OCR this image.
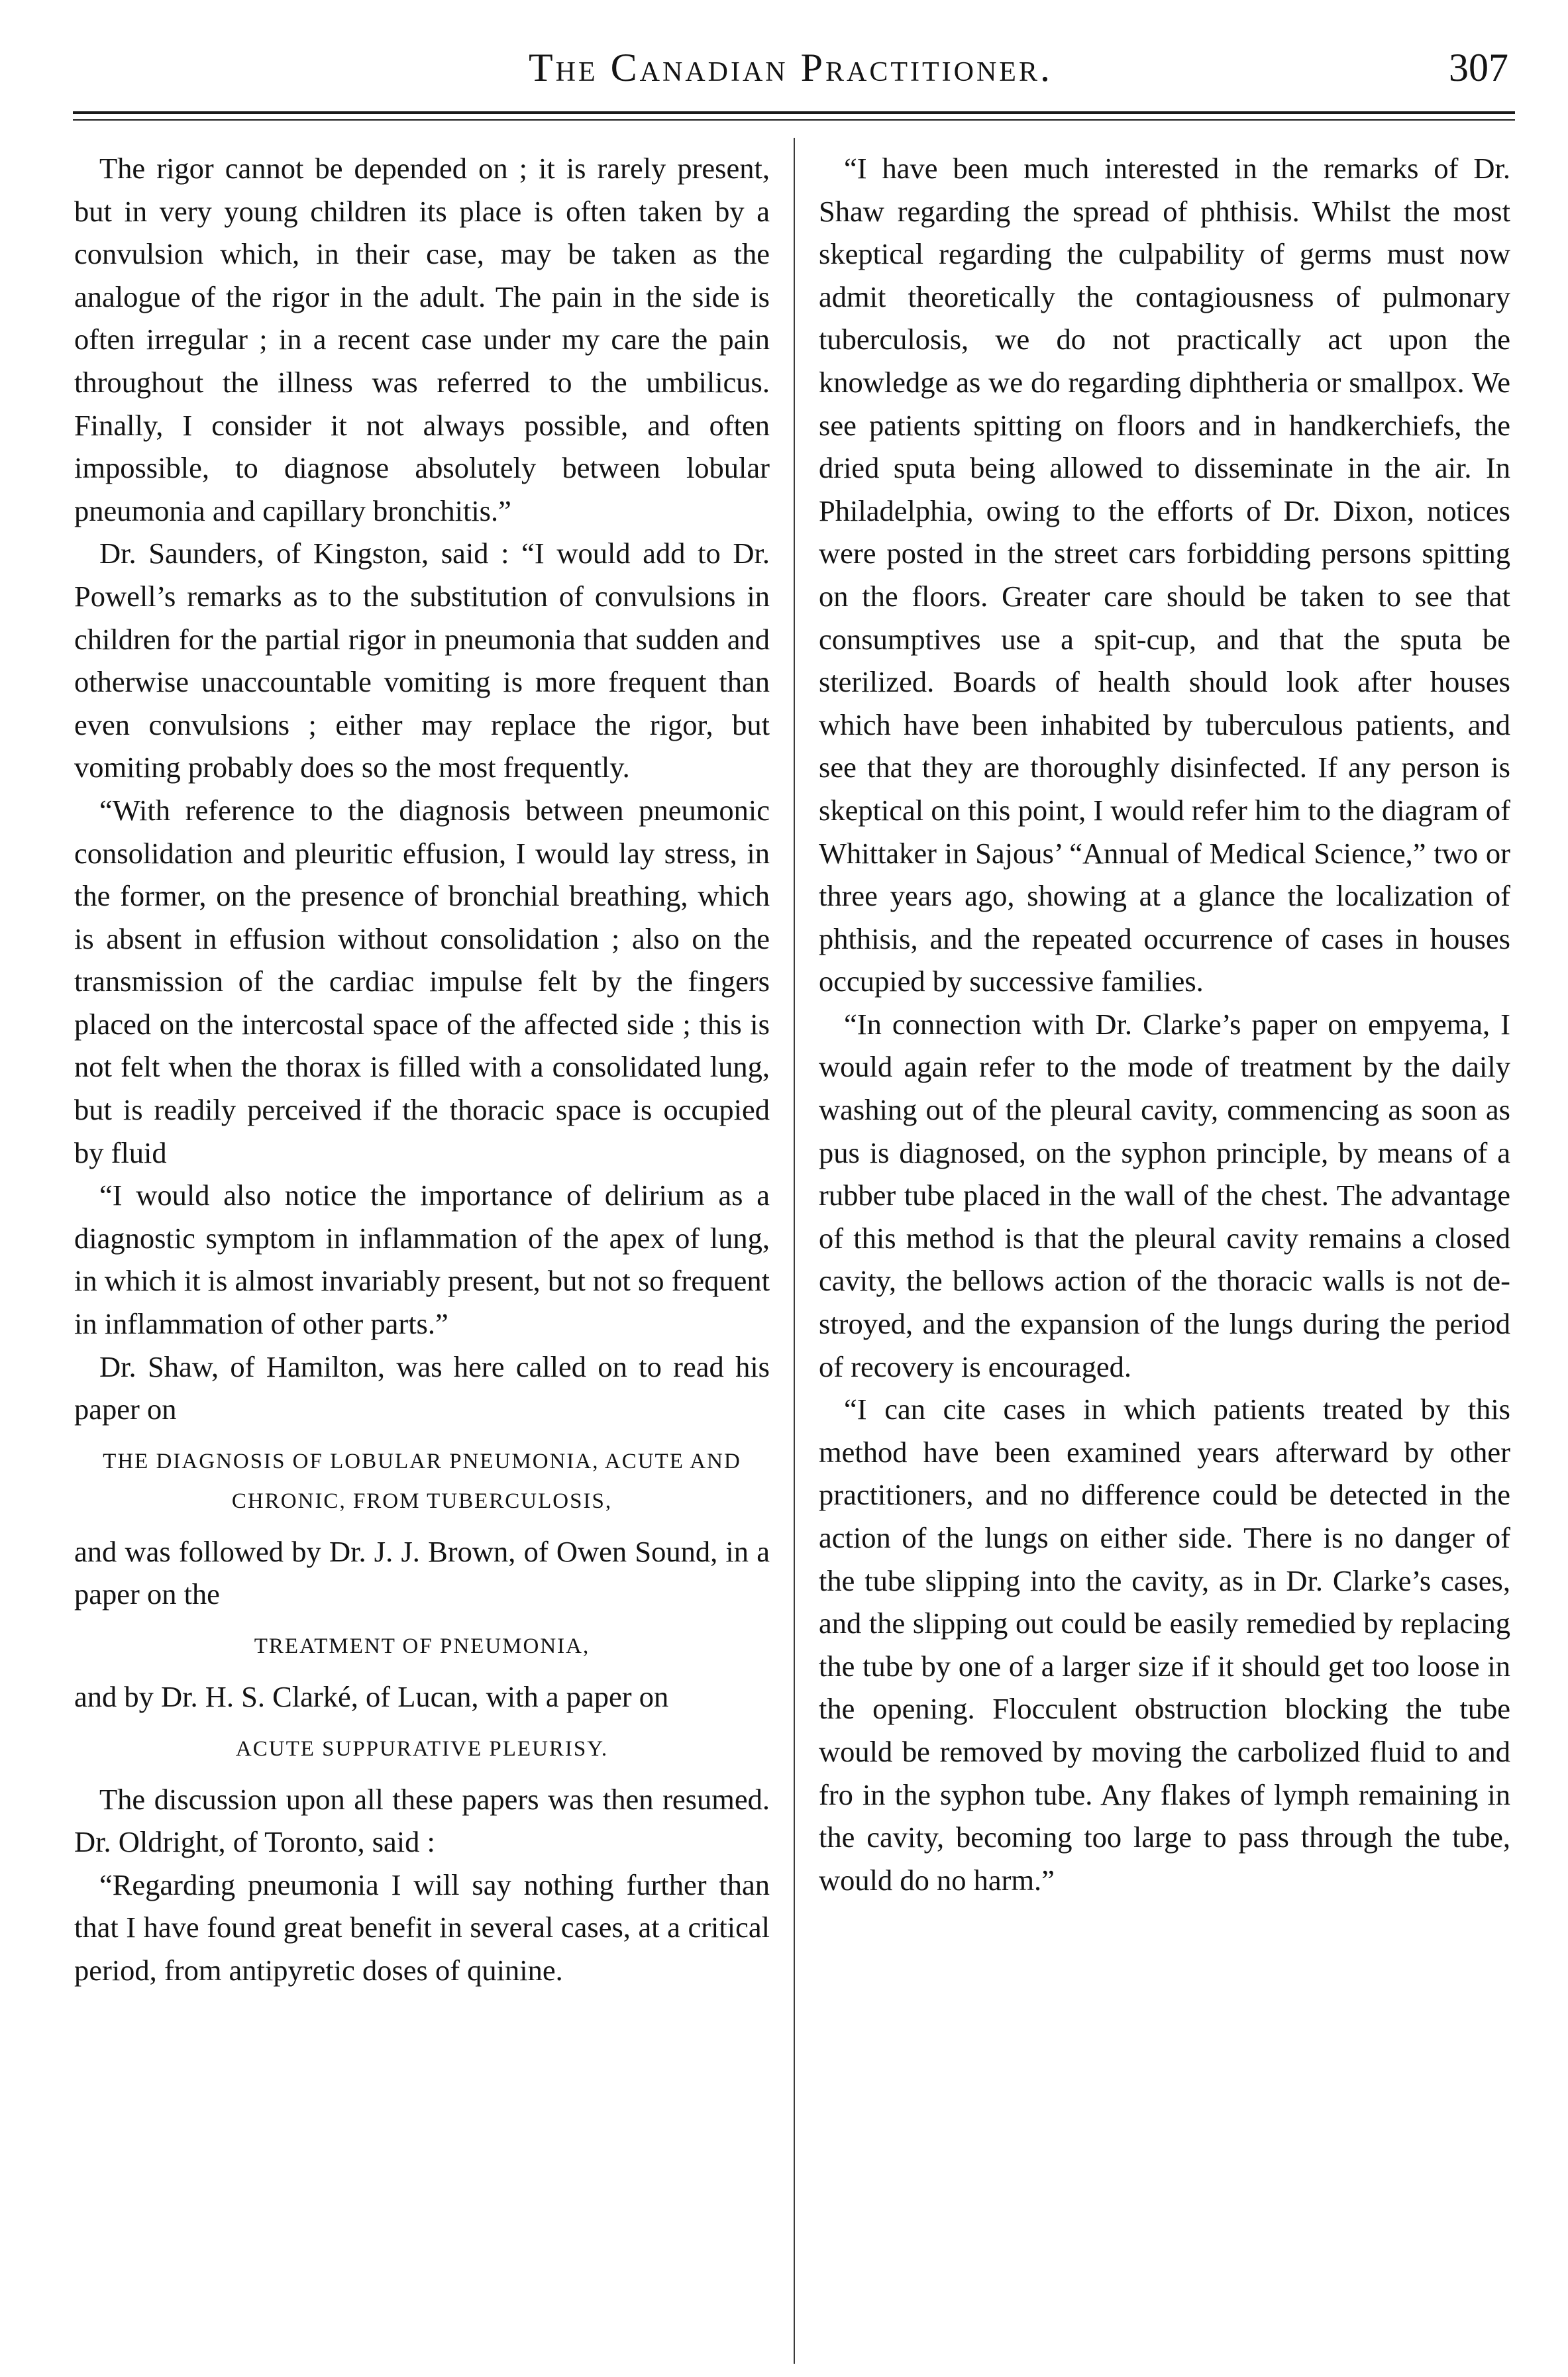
The Canadian Practitioner.	307

The rigor cannot be depended on ; it is rarely present, but in very young children its place is often taken by a convulsion which, in their case, may be taken as the analogue of the rigor in the adult. The pain in the side is often irregular ; in a recent case under my care the pain throughout the illness was referred to the umbilicus. Finally, I consider it not always possible, and often impossible, to diagnose absolutely between lobular pneumonia and capillary bronchitis.”

Dr. Saunders, of Kingston, said : “I would add to Dr. Powell’s remarks as to the substitution of convulsions in children for the partial rigor in pneumonia that sudden and otherwise unaccountable vomiting is more frequent than even convulsions ; either may replace the rigor, but vomiting probably does so the most frequently.

“With reference to the diagnosis between pneumonic consolidation and pleuritic effusion, I would lay stress, in the former, on the presence of bronchial breathing, which is absent in effusion without consolidation ; also on the transmission of the cardiac impulse felt by the fingers placed on the intercostal space of the affected side ; this is not felt when the thorax is filled with a consolidated lung, but is readily perceived if the thoracic space is occupied by fluid

“I would also notice the importance of delirium as a diagnostic symptom in inflammation of the apex of lung, in which it is almost invariably present, but not so frequent in inflammation of other parts.”

Dr. Shaw, of Hamilton, was here called on to read his paper on

THE DIAGNOSIS OF LOBULAR PNEUMONIA, ACUTE AND CHRONIC, FROM TUBERCULOSIS,

and was followed by Dr. J. J. Brown, of Owen Sound, in a paper on the

TREATMENT OF PNEUMONIA,

and by Dr. H. S. Clarké, of Lucan, with a paper on

ACUTE SUPPURATIVE PLEURISY.

The discussion upon all these papers was then resumed. Dr. Oldright, of Toronto, said :

“Regarding pneumonia I will say nothing further than that I have found great benefit in several cases, at a critical period, from antipyretic doses of quinine.

“I have been much interested in the remarks of Dr. Shaw regarding the spread of phthisis. Whilst the most skeptical regarding the culpability of germs must now admit theoretically the contagiousness of pulmonary tuberculosis, we do not practically act upon the knowledge as we do regarding diphtheria or smallpox. We see patients spitting on floors and in handkerchiefs, the dried sputa being allowed to disseminate in the air. In Philadelphia, owing to the efforts of Dr. Dixon, notices were posted in the street cars forbidding persons spitting on the floors. Greater care should be taken to see that consumptives use a spit-cup, and that the sputa be sterilized. Boards of health should look after houses which have been inhabited by tuberculous patients, and see that they are thoroughly disinfected. If any person is skeptical on this point, I would refer him to the diagram of Whittaker in Sajous’ “Annual of Medical Science,” two or three years ago, showing at a glance the localization of phthisis, and the repeated occurrence of cases in houses occupied by successive families.

“In connection with Dr. Clarke’s paper on empyema, I would again refer to the mode of treatment by the daily washing out of the pleural cavity, commencing as soon as pus is diagnosed, on the syphon principle, by means of a rubber tube placed in the wall of the chest. The advantage of this method is that the pleural cavity remains a closed cavity, the bellows action of the thoracic walls is not destroyed, and the expansion of the lungs during the period of recovery is encouraged.

“I can cite cases in which patients treated by this method have been examined years afterward by other practitioners, and no difference could be detected in the action of the lungs on either side. There is no danger of the tube slipping into the cavity, as in Dr. Clarke’s cases, and the slipping out could be easily remedied by replacing the tube by one of a larger size if it should get too loose in the opening. Flocculent obstruction blocking the tube would be removed by moving the carbolized fluid to and fro in the syphon tube. Any flakes of lymph remaining in the cavity, becoming too large to pass through the tube, would do no harm.”
